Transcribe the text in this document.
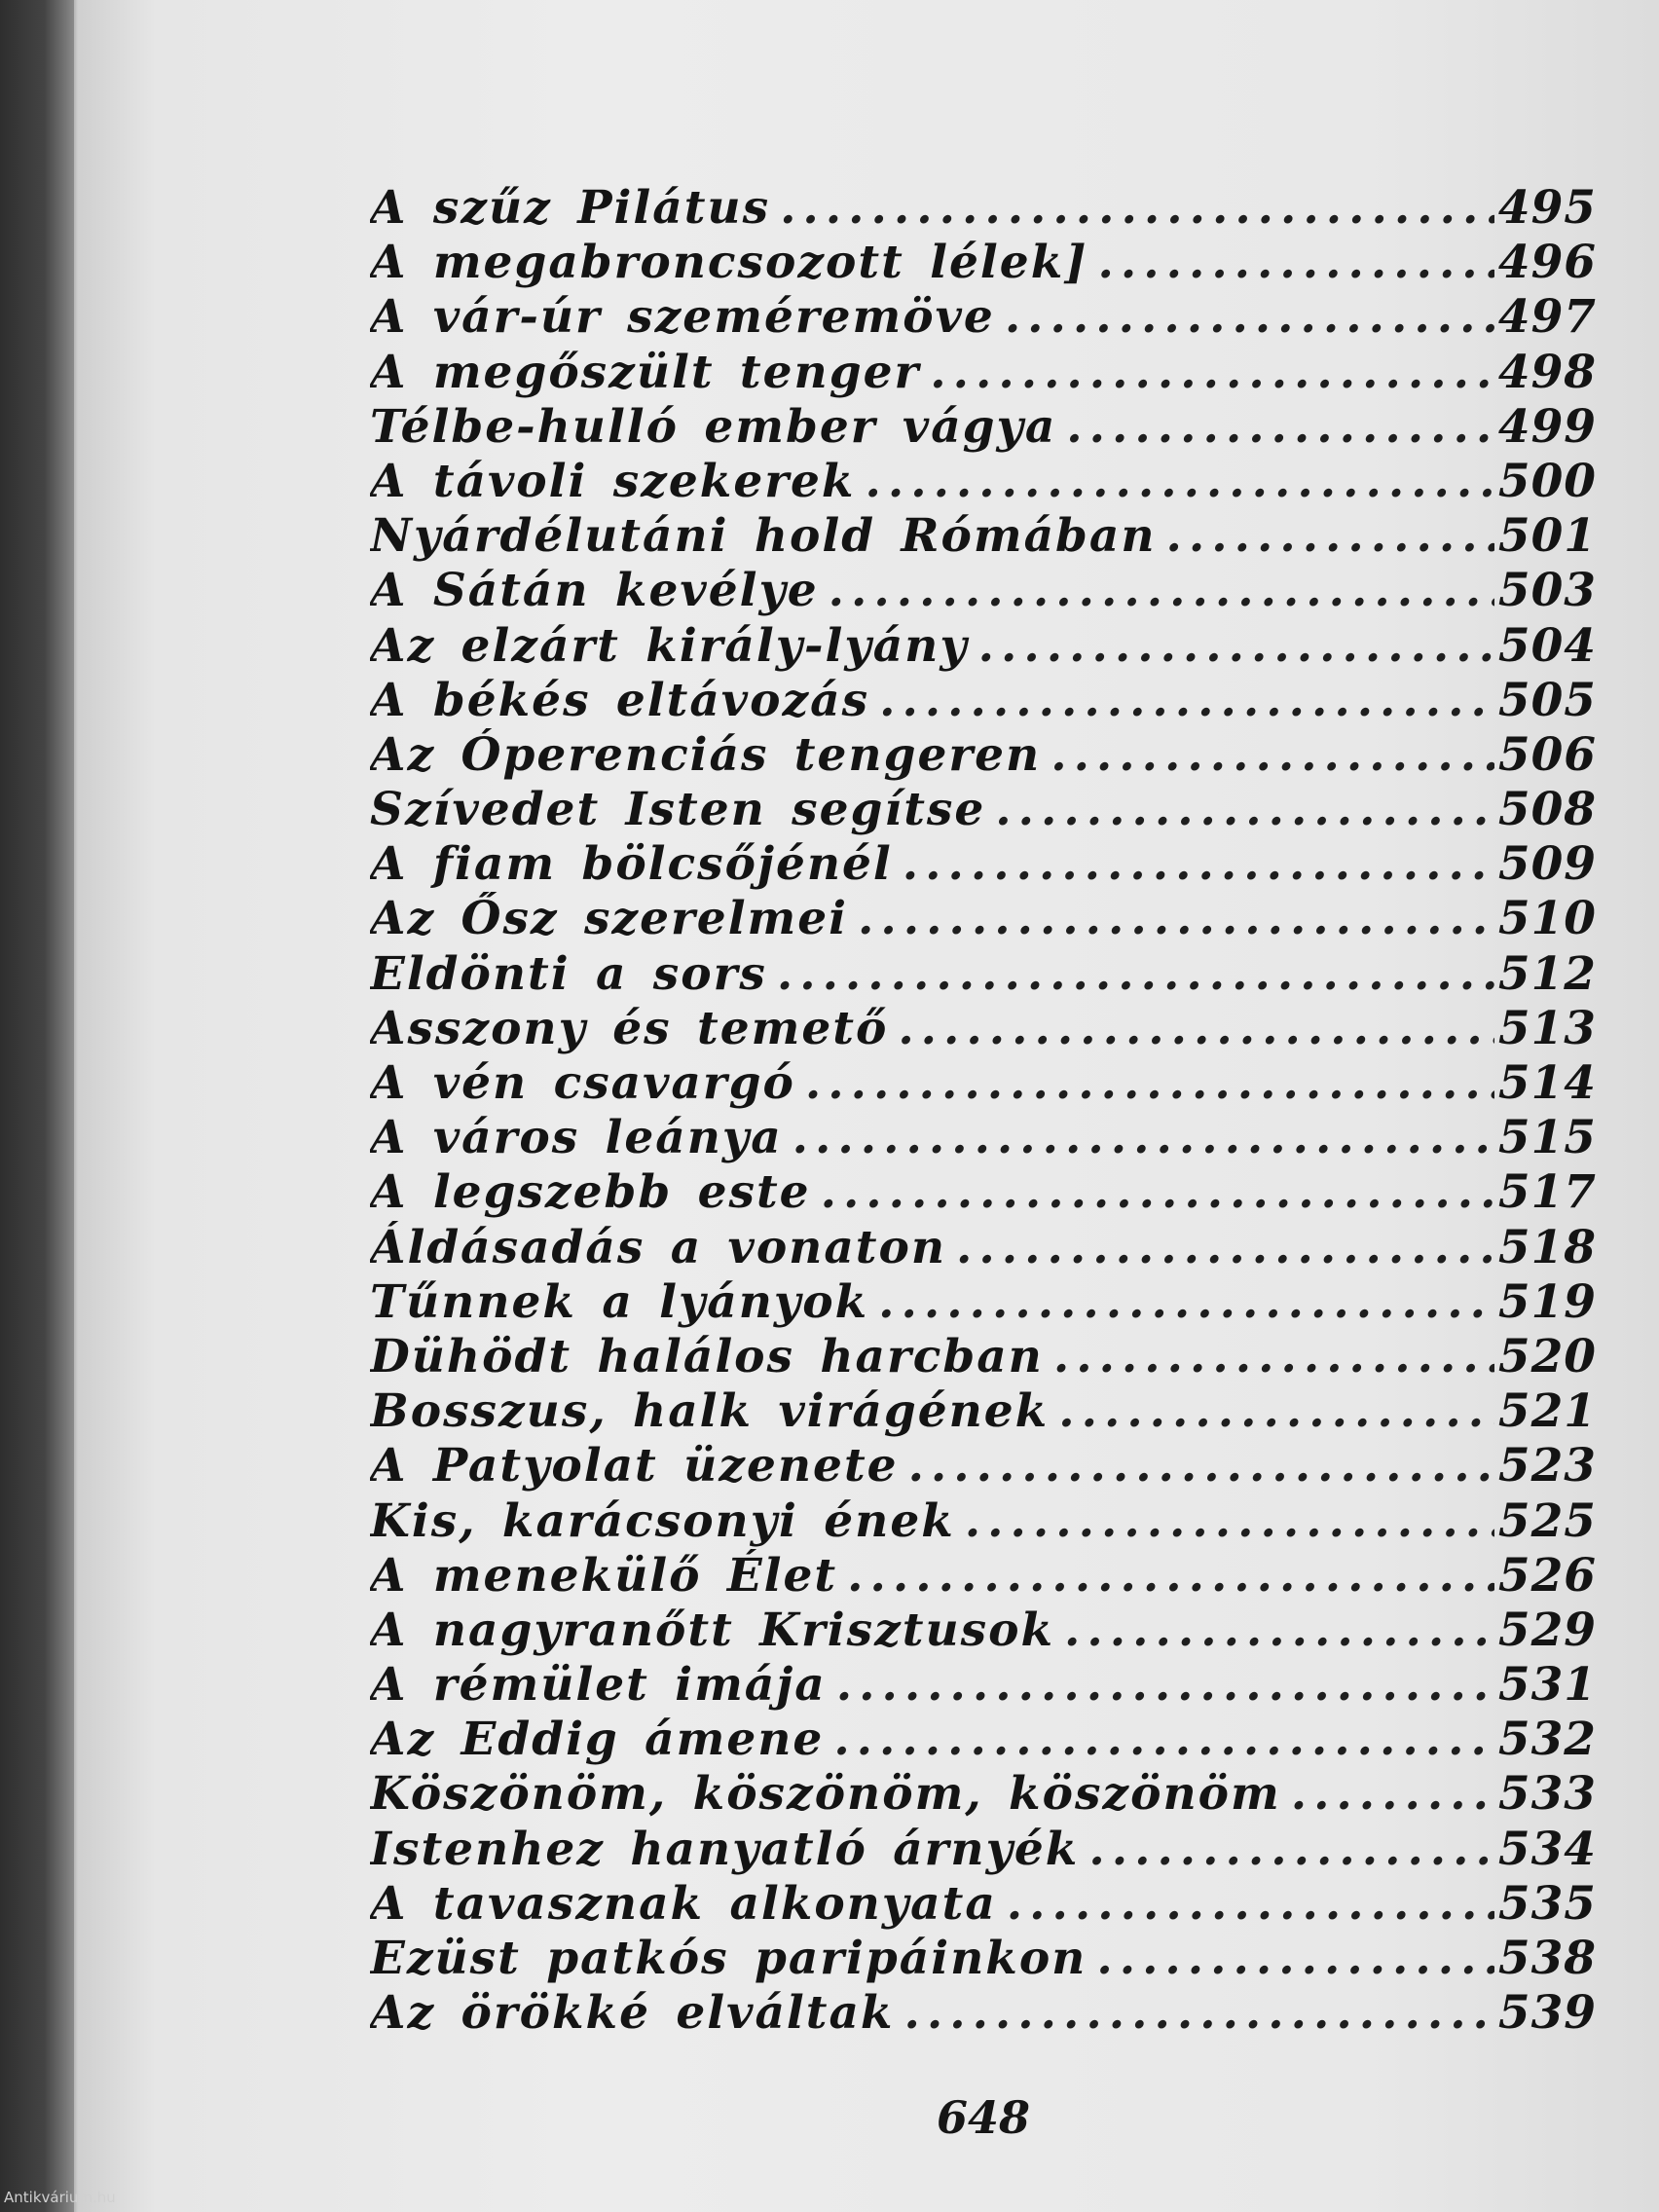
A szűz Pilátus .....	495
A megabroncsozott lélek] .....	496
A vár-úr szeméremöve .....	497
A megőszült tenger .....	498
Télbe-hulló ember vágya .....	499
A távoli szekerek .....	500
Nyárdélutáni hold Rómában .....	501
A Sátán kevélye .....	503
Az elzárt király-lyány .....	504
A békés eltávozás .....	505
Az Óperenciás tengeren .....	506
Szívedet Isten segítse .....	508
A fiam bölcsőjénél .....	509
Az Ősz szerelmei .....	510
Eldönti a sors .....	512
Asszony és temető .....	513
A vén csavargó .....	514
A város leánya .....	515
A legszebb este .....	517
Áldásadás a vonaton .....	518
Tűnnek a lyányok .....	519
Dühödt halálos harcban .....	520
Bosszus, halk virágének .....	521
A Patyolat üzenete .....	523
Kis, karácsonyi ének .....	525
A menekülő Élet .....	526
A nagyranőtt Krisztusok .....	529
A rémület imája .....	531
Az Eddig ámene .....	532
Köszönöm, köszönöm, köszönöm .....	533
Istenhez hanyatló árnyék .....	534
A tavasznak alkonyata .....	535
Ezüst patkós paripáinkon .....	538
Az örökké elváltak .....	539
648
Antikvárium.hu
